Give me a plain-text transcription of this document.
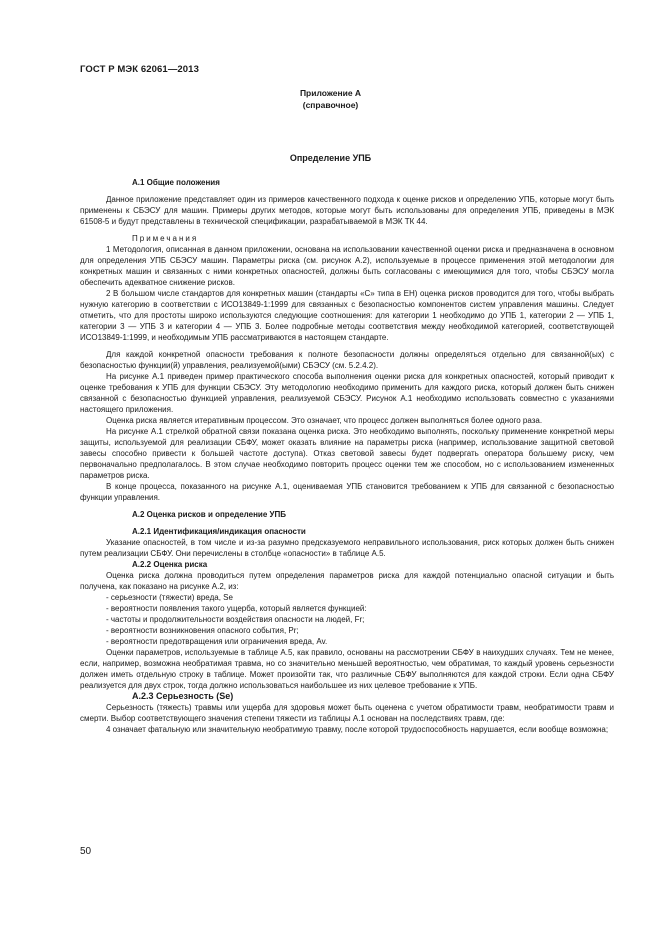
ГОСТ Р МЭК 62061—2013
Приложение А
(справочное)
Определение УПБ

А.1 Общие положения

Данное приложение представляет один из примеров качественного подхода к оценке рисков и определению УПБ, которые могут быть применены к СБЭСУ для машин. Примеры других методов, которые могут быть использованы для определения УПБ, приведены в МЭК 61508-5 и будут представлены в технической спецификации, разрабатываемой в МЭК ТК 44.

Примечания

1 Методология, описанная в данном приложении, основана на использовании качественной оценки риска и предназначена в основном для определения УПБ СБЭСУ машин. Параметры риска (см. рисунок А.2), используемые в процессе применения этой методологии для конкретных машин и связанных с ними конкретных опасностей, должны быть согласованы с имеющимися для того, чтобы СБЭСУ могла обеспечить адекватное снижение рисков.

2 В большом числе стандартов для конкретных машин (стандарты «С» типа в ЕН) оценка рисков проводится для того, чтобы выбрать нужную категорию в соответствии с ИСО13849-1:1999 для связанных с безопасностью компонентов систем управления машины. Следует отметить, что для простоты широко используются следующие соотношения: для категории 1 необходимо до УПБ 1, категории 2 — УПБ 1, категории 3 — УПБ 3 и категории 4 — УПБ 3. Более подробные методы соответствия между необходимой категорией, соответствующей ИСО13849-1:1999, и необходимым УПБ рассматриваются в настоящем стандарте.

Для каждой конкретной опасности требования к полноте безопасности должны определяться отдельно для связанной(ых) с безопасностью функции(й) управления, реализуемой(ыми) СБЭСУ (см. 5.2.4.2).

На рисунке А.1 приведен пример практического способа выполнения оценки риска для конкретных опасностей, который приводит к оценке требования к УПБ для функции СБЭСУ. Эту методологию необходимо применить для каждого риска, который должен быть снижен связанной с безопасностью функцией управления, реализуемой СБЭСУ. Рисунок А.1 необходимо использовать совместно с указаниями настоящего приложения.

Оценка риска является итеративным процессом. Это означает, что процесс должен выполняться более одного раза.

На рисунке А.1 стрелкой обратной связи показана оценка риска. Это необходимо выполнять, поскольку применение конкретной меры защиты, используемой для реализации СБФУ, может оказать влияние на параметры риска (например, использование защитной световой завесы способно привести к большей частоте доступа). Отказ световой завесы будет подвергать оператора большему риску, чем первоначально предполагалось. В этом случае необходимо повторить процесс оценки тем же способом, но с использованием измененных параметров риска.

В конце процесса, показанного на рисунке А.1, оцениваемая УПБ становится требованием к УПБ для связанной с безопасностью функции управления.

А.2 Оценка рисков и определение УПБ

А.2.1 Идентификация/индикация опасности

Указание опасностей, в том числе и из-за разумно предсказуемого неправильного использования, риск которых должен быть снижен путем реализации СБФУ. Они перечислены в столбце «опасности» в таблице А.5.

А.2.2 Оценка риска

Оценка риска должна проводиться путем определения параметров риска для каждой потенциально опасной ситуации и быть получена, как показано на рисунке А.2, из:

- серьезности (тяжести) вреда, Se

- вероятности появления такого ущерба, который является функцией:

- частоты и продолжительности воздействия опасности на людей, Fr;

- вероятности возникновения опасного события, Pr;

- вероятности предотвращения или ограничения вреда, Av.

Оценки параметров, используемые в таблице А.5, как правило, основаны на рассмотрении СБФУ в наихудших случаях. Тем не менее, если, например, возможна необратимая травма, но со значительно меньшей вероятностью, чем обратимая, то каждый уровень серьезности должен иметь отдельную строку в таблице. Может произойти так, что различные СБФУ выполняются для каждой строки. Если одна СБФУ реализуется для двух строк, тогда должно использоваться наибольшее из них целевое требование к УПБ.

А.2.3 Серьезность (Se)

Серьезность (тяжесть) травмы или ущерба для здоровья может быть оценена с учетом обратимости травм, необратимости травм и смерти. Выбор соответствующего значения степени тяжести из таблицы А.1 основан на последствиях травм, где:

4 означает фатальную или значительную необратимую травму, после которой трудоспособность нарушается, если вообще возможна;

50
